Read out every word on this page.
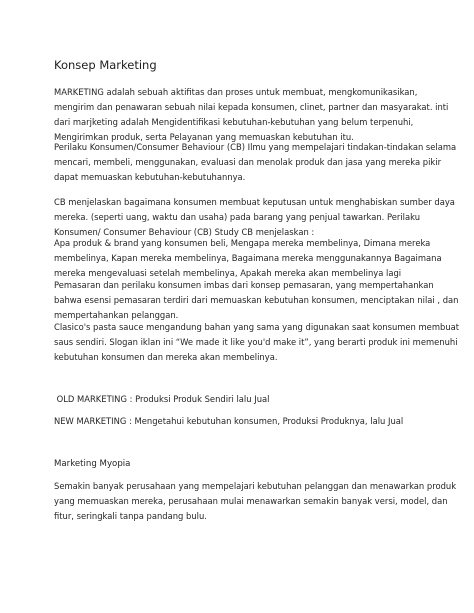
Konsep Marketing
MARKETING adalah sebuah aktifitas dan proses untuk membuat, mengkomunikasikan,
mengirim dan penawaran sebuah nilai kepada konsumen, clinet, partner dan masyarakat. inti
dari marjketing adalah Mengidentifikasi kebutuhan-kebutuhan yang belum terpenuhi,
Mengirimkan produk, serta Pelayanan yang memuaskan kebutuhan itu.
Perilaku Konsumen/Consumer Behaviour (CB) Ilmu yang mempelajari tindakan-tindakan selama
mencari, membeli, menggunakan, evaluasi dan menolak produk dan jasa yang mereka pikir
dapat memuaskan kebutuhan-kebutuhannya.
CB menjelaskan bagaimana konsumen membuat keputusan untuk menghabiskan sumber daya
mereka. (seperti uang, waktu dan usaha) pada barang yang penjual tawarkan. Perilaku
Konsumen/ Consumer Behaviour (CB) Study CB menjelaskan :
Apa produk & brand yang konsumen beli, Mengapa mereka membelinya, Dimana mereka
membelinya, Kapan mereka membelinya, Bagaimana mereka menggunakannya Bagaimana
mereka mengevaluasi setelah membelinya, Apakah mereka akan membelinya lagi
Pemasaran dan perilaku konsumen imbas dari konsep pemasaran, yang mempertahankan
bahwa esensi pemasaran terdiri dari memuaskan kebutuhan konsumen, menciptakan nilai , dan
mempertahankan pelanggan.
Clasico's pasta sauce mengandung bahan yang sama yang digunakan saat konsumen membuat
saus sendiri. Slogan iklan ini “We made it like you'd make it”, yang berarti produk ini memenuhi
kebutuhan konsumen dan mereka akan membelinya.
OLD MARKETING : Produksi Produk Sendiri lalu Jual
NEW MARKETING : Mengetahui kebutuhan konsumen, Produksi Produknya, lalu Jual
Marketing Myopia
Semakin banyak perusahaan yang mempelajari kebutuhan pelanggan dan menawarkan produk
yang memuaskan mereka, perusahaan mulai menawarkan semakin banyak versi, model, dan
fitur, seringkali tanpa pandang bulu.
